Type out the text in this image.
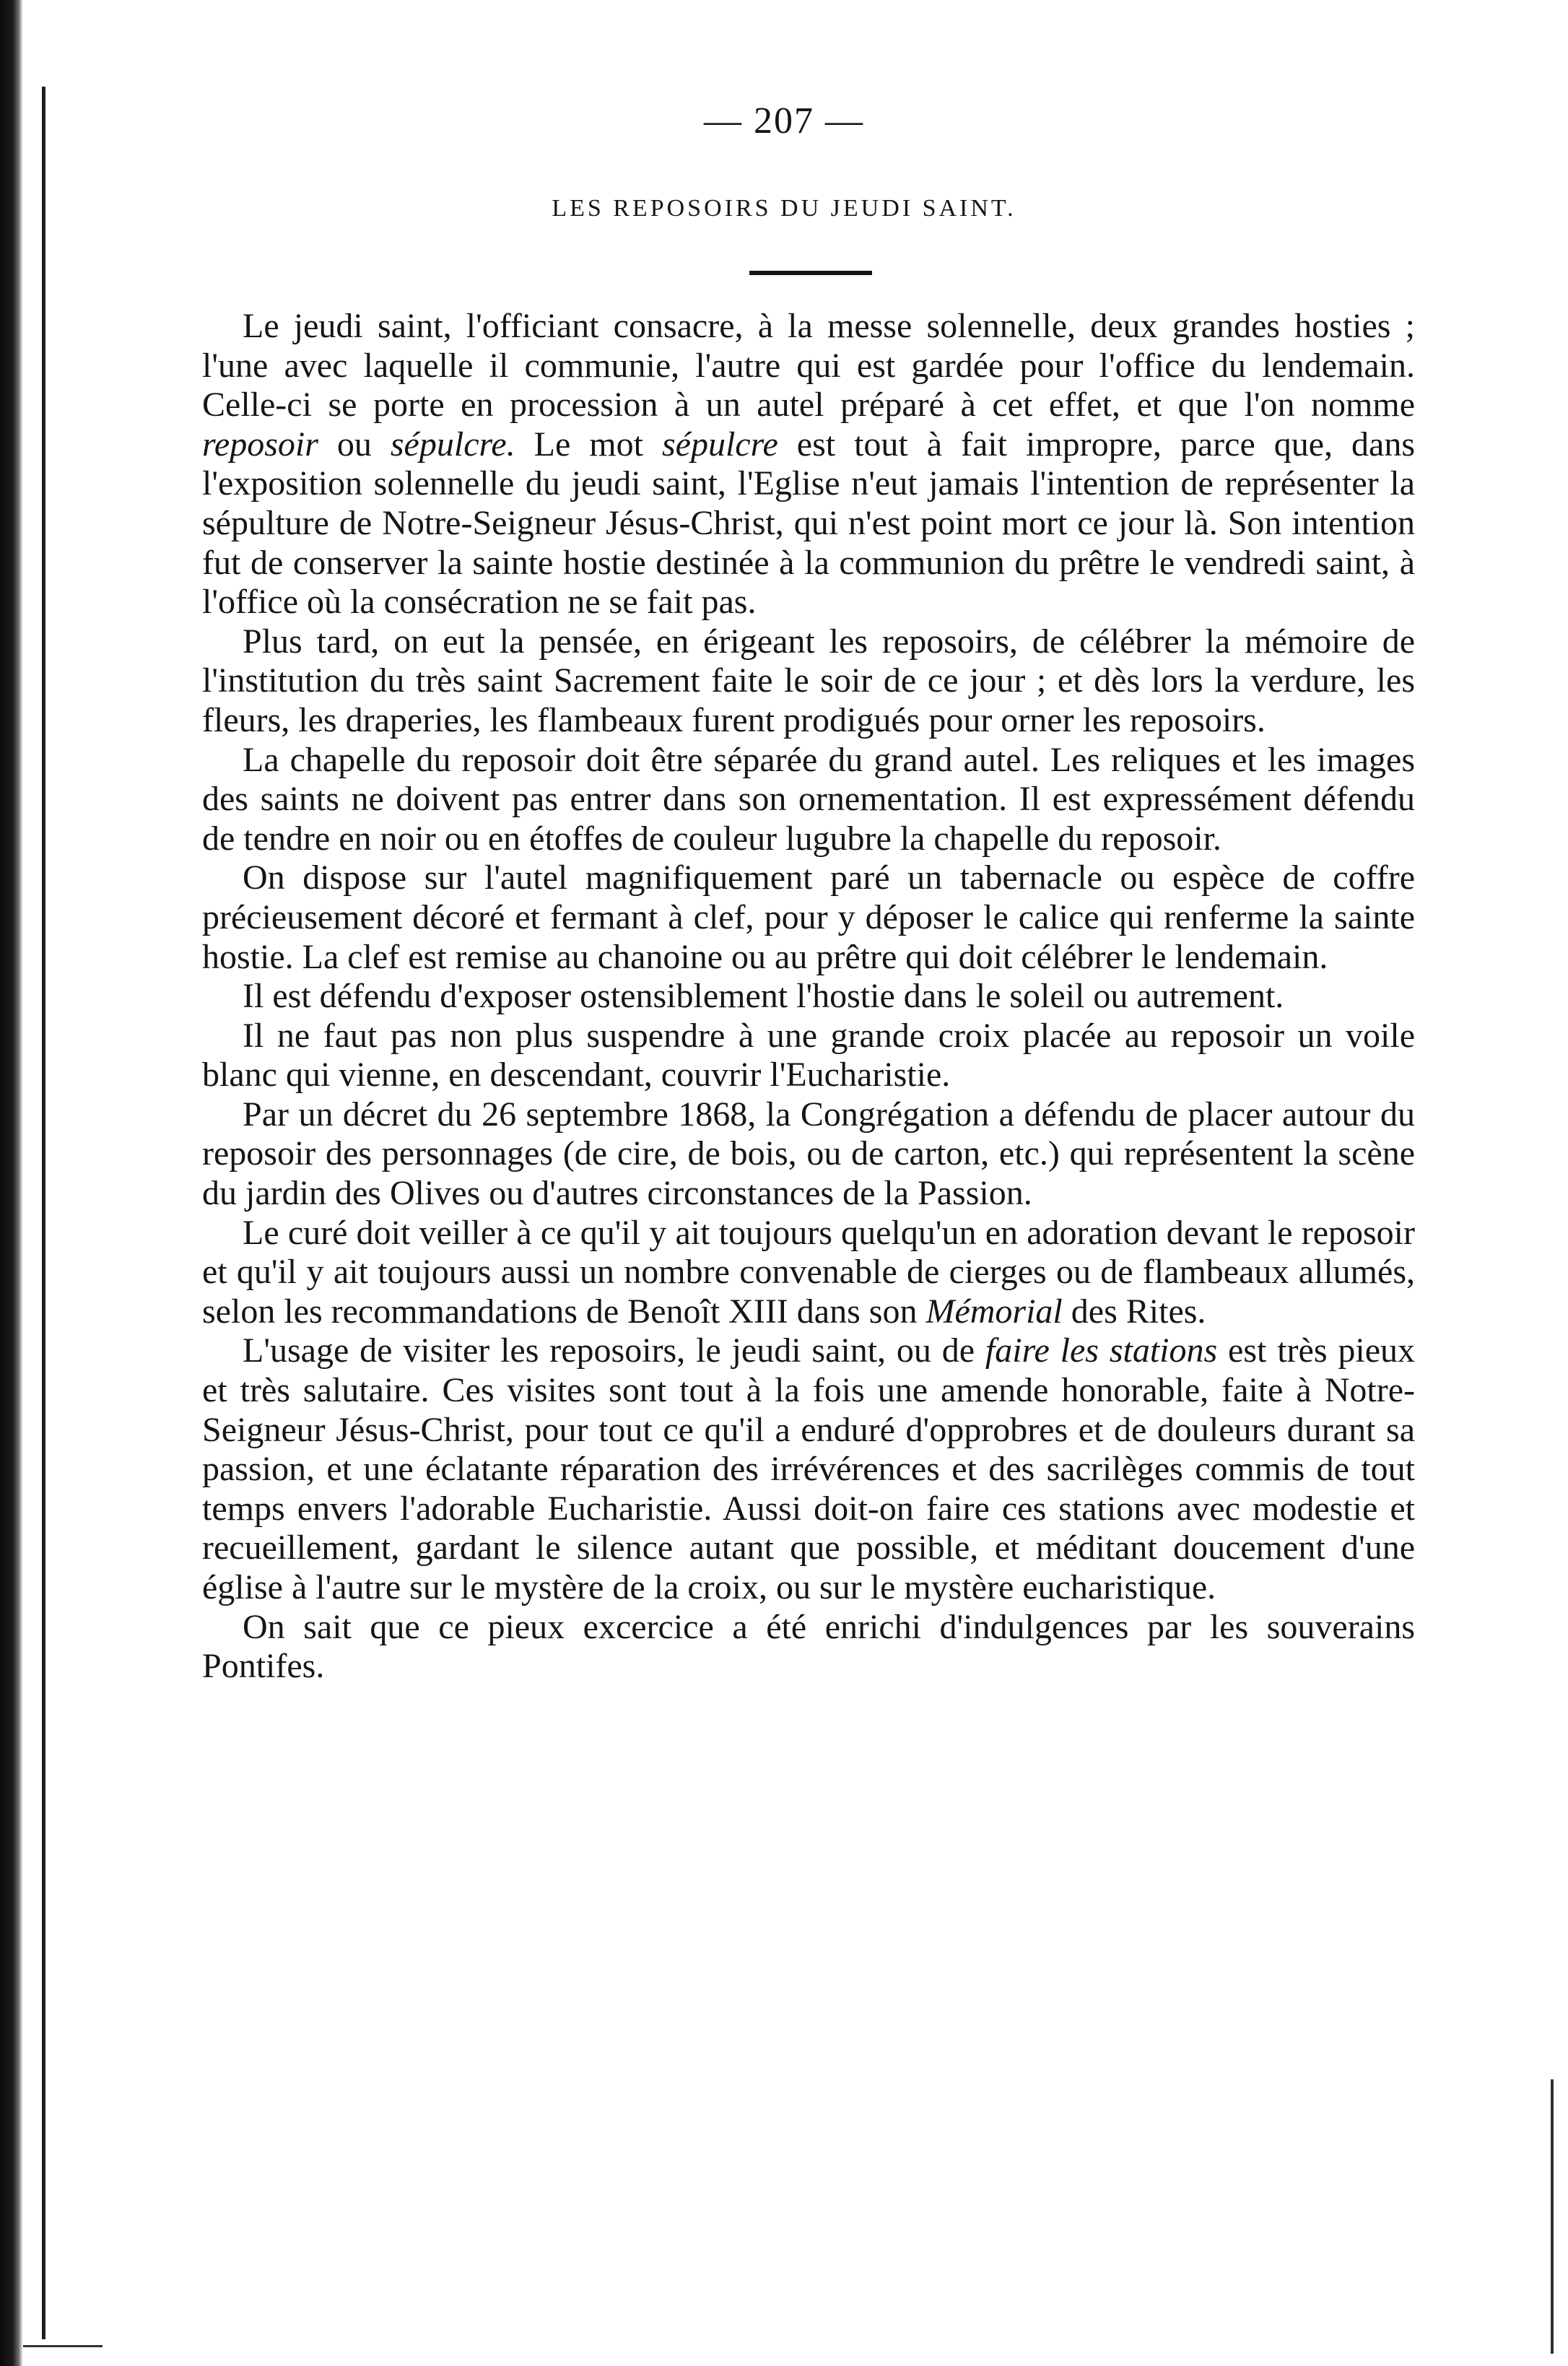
— 207 —
LES REPOSOIRS DU JEUDI SAINT.

Le jeudi saint, l'officiant consacre, à la messe solennelle, deux grandes hosties ; l'une avec laquelle il communie, l'autre qui est gardée pour l'office du lendemain. Celle-ci se porte en procession à un autel préparé à cet effet, et que l'on nomme reposoir ou sépulcre. Le mot sépulcre est tout à fait impropre, parce que, dans l'exposition solennelle du jeudi saint, l'Eglise n'eut jamais l'intention de représenter la sépulture de Notre-Seigneur Jésus-Christ, qui n'est point mort ce jour là. Son intention fut de conserver la sainte hostie destinée à la communion du prêtre le vendredi saint, à l'office où la consécration ne se fait pas.

Plus tard, on eut la pensée, en érigeant les reposoirs, de célébrer la mémoire de l'institution du très saint Sacrement faite le soir de ce jour ; et dès lors la verdure, les fleurs, les draperies, les flambeaux furent prodigués pour orner les reposoirs.

La chapelle du reposoir doit être séparée du grand autel. Les reliques et les images des saints ne doivent pas entrer dans son ornementation. Il est expressément défendu de tendre en noir ou en étoffes de couleur lugubre la chapelle du reposoir.

On dispose sur l'autel magnifiquement paré un tabernacle ou espèce de coffre précieusement décoré et fermant à clef, pour y déposer le calice qui renferme la sainte hostie. La clef est remise au chanoine ou au prêtre qui doit célébrer le lendemain.

Il est défendu d'exposer ostensiblement l'hostie dans le soleil ou autrement.

Il ne faut pas non plus suspendre à une grande croix placée au reposoir un voile blanc qui vienne, en descendant, couvrir l'Eucharistie.

Par un décret du 26 septembre 1868, la Congrégation a défendu de placer autour du reposoir des personnages (de cire, de bois, ou de carton, etc.) qui représentent la scène du jardin des Olives ou d'autres circonstances de la Passion.

Le curé doit veiller à ce qu'il y ait toujours quelqu'un en adoration devant le reposoir et qu'il y ait toujours aussi un nombre convenable de cierges ou de flambeaux allumés, selon les recommandations de Benoît XIII dans son Mémorial des Rites.

L'usage de visiter les reposoirs, le jeudi saint, ou de faire les stations est très pieux et très salutaire. Ces visites sont tout à la fois une amende honorable, faite à Notre-Seigneur Jésus-Christ, pour tout ce qu'il a enduré d'opprobres et de douleurs durant sa passion, et une éclatante réparation des irrévérences et des sacrilèges commis de tout temps envers l'adorable Eucharistie. Aussi doit-on faire ces stations avec modestie et recueillement, gardant le silence autant que possible, et méditant doucement d'une église à l'autre sur le mystère de la croix, ou sur le mystère eucharistique.

On sait que ce pieux excercice a été enrichi d'indulgences par les souverains Pontifes.
